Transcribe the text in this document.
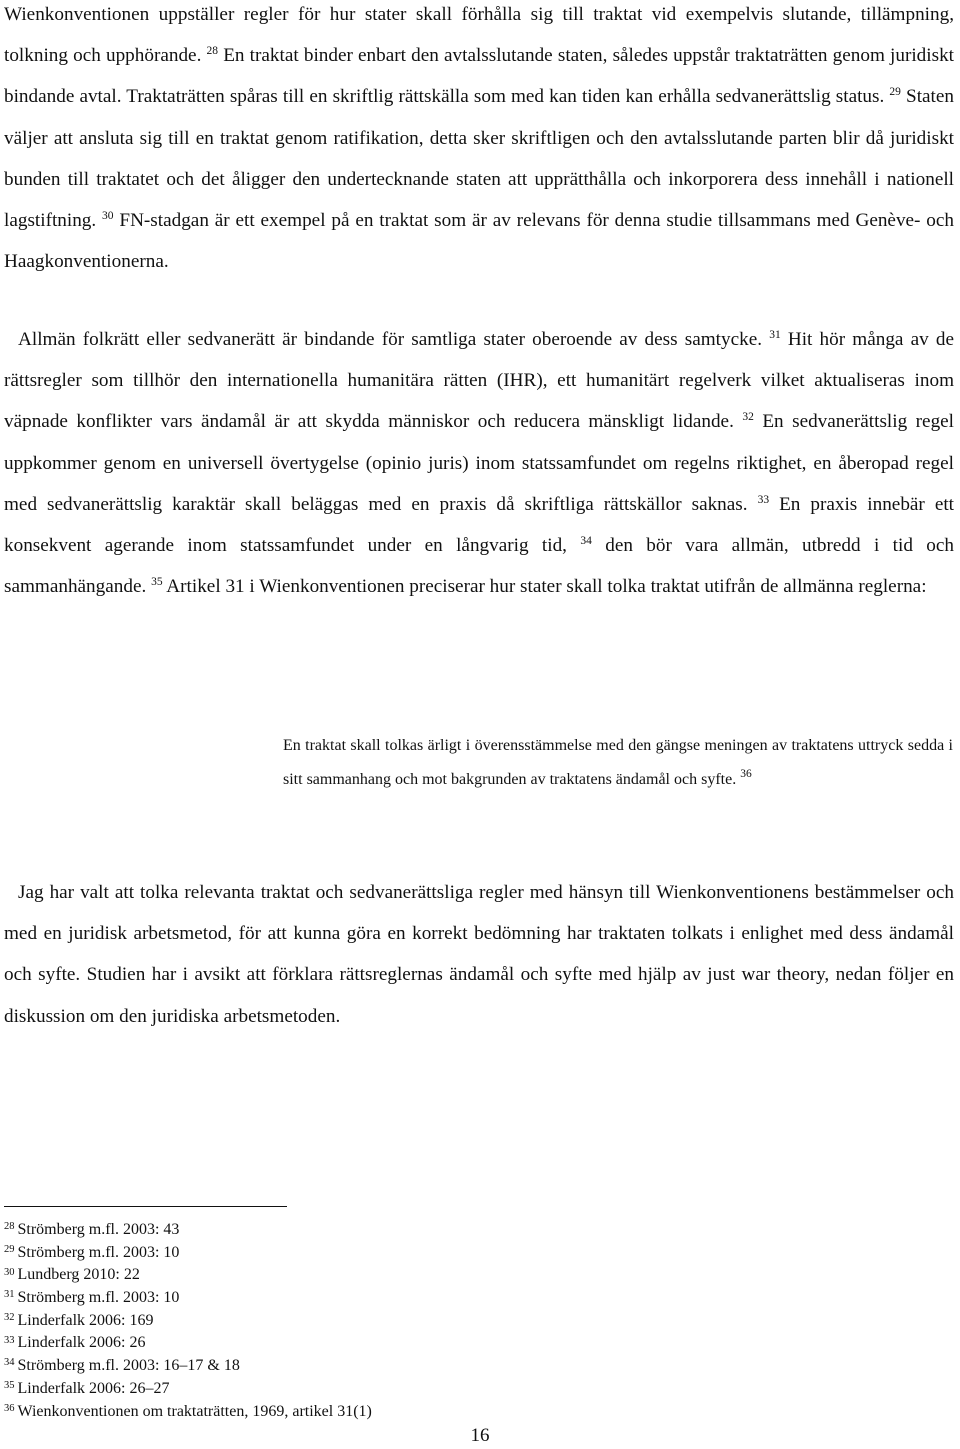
Wienkonventionen uppställer regler för hur stater skall förhålla sig till traktat vid exempelvis slutande, tillämpning, tolkning och upphörande. $^{28}$ En traktat binder enbart den avtalsslutande staten, således uppstår traktaträtten genom juridiskt bindande avtal. Traktaträtten spåras till en skriftlig rättskälla som med kan tiden kan erhålla sedvanerättslig status. $^{29}$ Staten väljer att ansluta sig till en traktat genom ratifikation, detta sker skriftligen och den avtalsslutande parten blir då juridiskt bunden till traktatet och det åligger den undertecknande staten att upprätthålla och inkorporera dess innehåll i nationell lagstiftning. $^{30}$ FN-stadgan är ett exempel på en traktat som är av relevans för denna studie tillsammans med Genève- och Haagkonventionerna.

Allmän folkrätt eller sedvanerätt är bindande för samtliga stater oberoende av dess samtycke. $^{31}$ Hit hör många av de rättsregler som tillhör den internationella humanitära rätten (IHR), ett humanitärt regelverk vilket aktualiseras inom väpnade konflikter vars ändamål är att skydda människor och reducera mänskligt lidande. $^{32}$ En sedvanerättslig regel uppkommer genom en universell övertygelse (opinio juris) inom statssamfundet om regelns riktighet, en åberopad regel med sedvanerättslig karaktär skall beläggas med en praxis då skriftliga rättskällor saknas. $^{33}$ En praxis innebär ett konsekvent agerande inom statssamfundet under en långvarig tid, $^{34}$ den bör vara allmän, utbredd i tid och sammanhängande. $^{35}$ Artikel 31 i Wienkonventionen preciserar hur stater skall tolka traktat utifrån de allmänna reglerna:

En traktat skall tolkas ärligt i överensstämmelse med den gängse meningen av traktatens uttryck sedda i sitt sammanhang och mot bakgrunden av traktatens ändamål och syfte. $^{36}$

Jag har valt att tolka relevanta traktat och sedvanerättsliga regler med hänsyn till Wienkonventionens bestämmelser och med en juridisk arbetsmetod, för att kunna göra en korrekt bedömning har traktaten tolkats i enlighet med dess ändamål och syfte. Studien har i avsikt att förklara rättsreglernas ändamål och syfte med hjälp av just war theory, nedan följer en diskussion om den juridiska arbetsmetoden.

$^{28}$ Strömberg m.fl. 2003: 43
$^{29}$ Strömberg m.fl. 2003: 10
$^{30}$ Lundberg 2010: 22
$^{31}$ Strömberg m.fl. 2003: 10
$^{32}$ Linderfalk 2006: 169
$^{33}$ Linderfalk 2006: 26
$^{34}$ Strömberg m.fl. 2003: 16–17 & 18
$^{35}$ Linderfalk 2006: 26–27
$^{36}$ Wienkonventionen om traktaträtten, 1969, artikel 31(1)
16
